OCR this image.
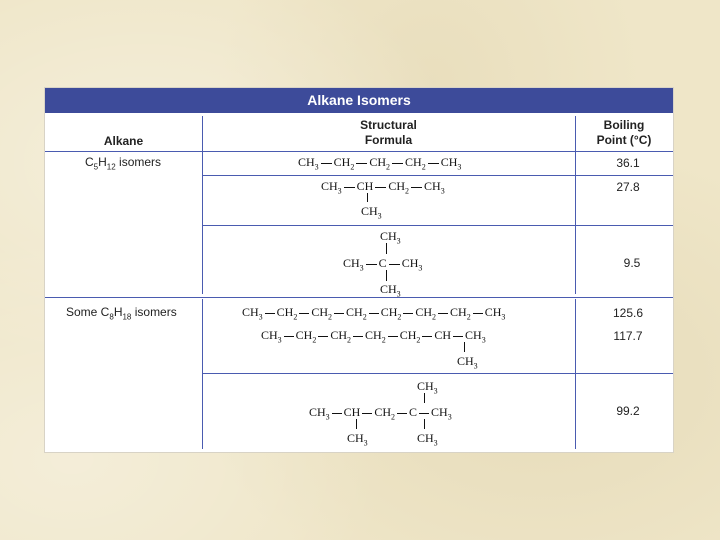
Alkane Isomers
Alkane
Structural
Formula
Boiling
Point (°C)
$C_5H_{12}$ isomers
Some $C_8H_{18}$ isomers
36.1
27.8
9.5
125.6
117.7
99.2
$CH_3$ $CH_2$ $CH_2$ $CH_2$ $CH_3$
$CH_3$ CH $CH_2$ $CH_3$
$CH_3$
$CH_3$
$CH_3$ C $CH_3$
$CH_3$
$CH_3$ $CH_2$ $CH_2$ $CH_2$ $CH_2$ $CH_2$ $CH_2$ $CH_3$
$CH_3$ $CH_2$ $CH_2$ $CH_2$ $CH_2$ CH $CH_3$
$CH_3$
$CH_3$
$CH_3$ CH $CH_2$ C $CH_3$
$CH_3$	$CH_3$
